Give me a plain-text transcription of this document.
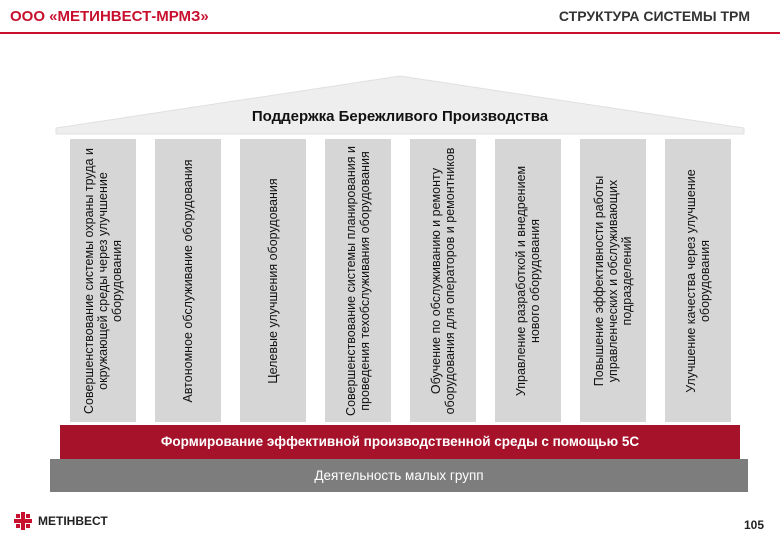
ООО «МЕТИНВЕСТ-МРМЗ»	СТРУКТУРА СИСТЕМЫ TPM
Поддержка Бережливого Производства
Совершенствование системы охраны труда и окружающей среды через улучшение оборудования	Автономное обслуживание оборудования	Целевые улучшения оборудования	Совершенствование системы планирования и проведения техобслуживания оборудования	Обучение по обслуживанию и ремонту оборудования для операторов и ремонтников	Управление разработкой и внедрением нового оборудования	Повышение эффективности работы управленческих и обслуживающих подразделений	Улучшение качества через улучшение оборудования
Формирование эффективной производственной среды с помощью 5С
Деятельность малых групп
МЕТІНВЕСТ	105
